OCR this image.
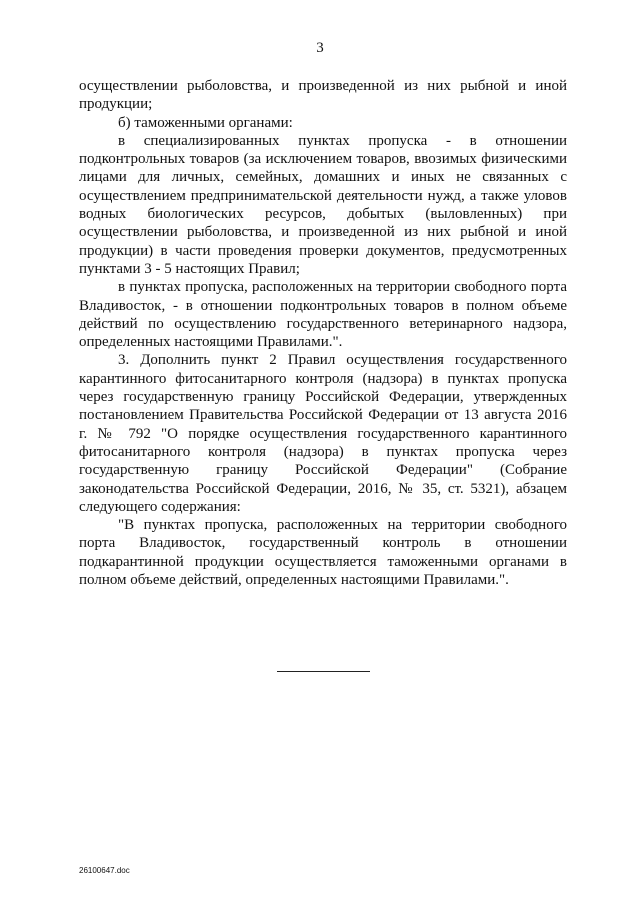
3

осуществлении рыболовства, и произведенной из них рыбной и иной продукции;

б) таможенными органами:

в специализированных пунктах пропуска - в отношении подконтрольных товаров (за исключением товаров, ввозимых физическими лицами для личных, семейных, домашних и иных не связанных с осуществлением предпринимательской деятельности нужд, а также уловов водных биологических ресурсов, добытых (выловленных) при осуществлении рыболовства, и произведенной из них рыбной и иной продукции) в части проведения проверки документов, предусмотренных пунктами 3 - 5 настоящих Правил;

в пунктах пропуска, расположенных на территории свободного порта Владивосток, - в отношении подконтрольных товаров в полном объеме действий по осуществлению государственного ветеринарного надзора, определенных настоящими Правилами.".

3. Дополнить пункт 2 Правил осуществления государственного карантинного фитосанитарного контроля (надзора) в пунктах пропуска через государственную границу Российской Федерации, утвержденных постановлением Правительства Российской Федерации от 13 августа 2016 г. № 792 "О порядке осуществления государственного карантинного фитосанитарного контроля (надзора) в пунктах пропуска через государственную границу Российской Федерации" (Собрание законодательства Российской Федерации, 2016, № 35, ст. 5321), абзацем следующего содержания:

"В пунктах пропуска, расположенных на территории свободного порта Владивосток, государственный контроль в отношении подкарантинной продукции осуществляется таможенными органами в полном объеме действий, определенных настоящими Правилами.".

26100647.doc
